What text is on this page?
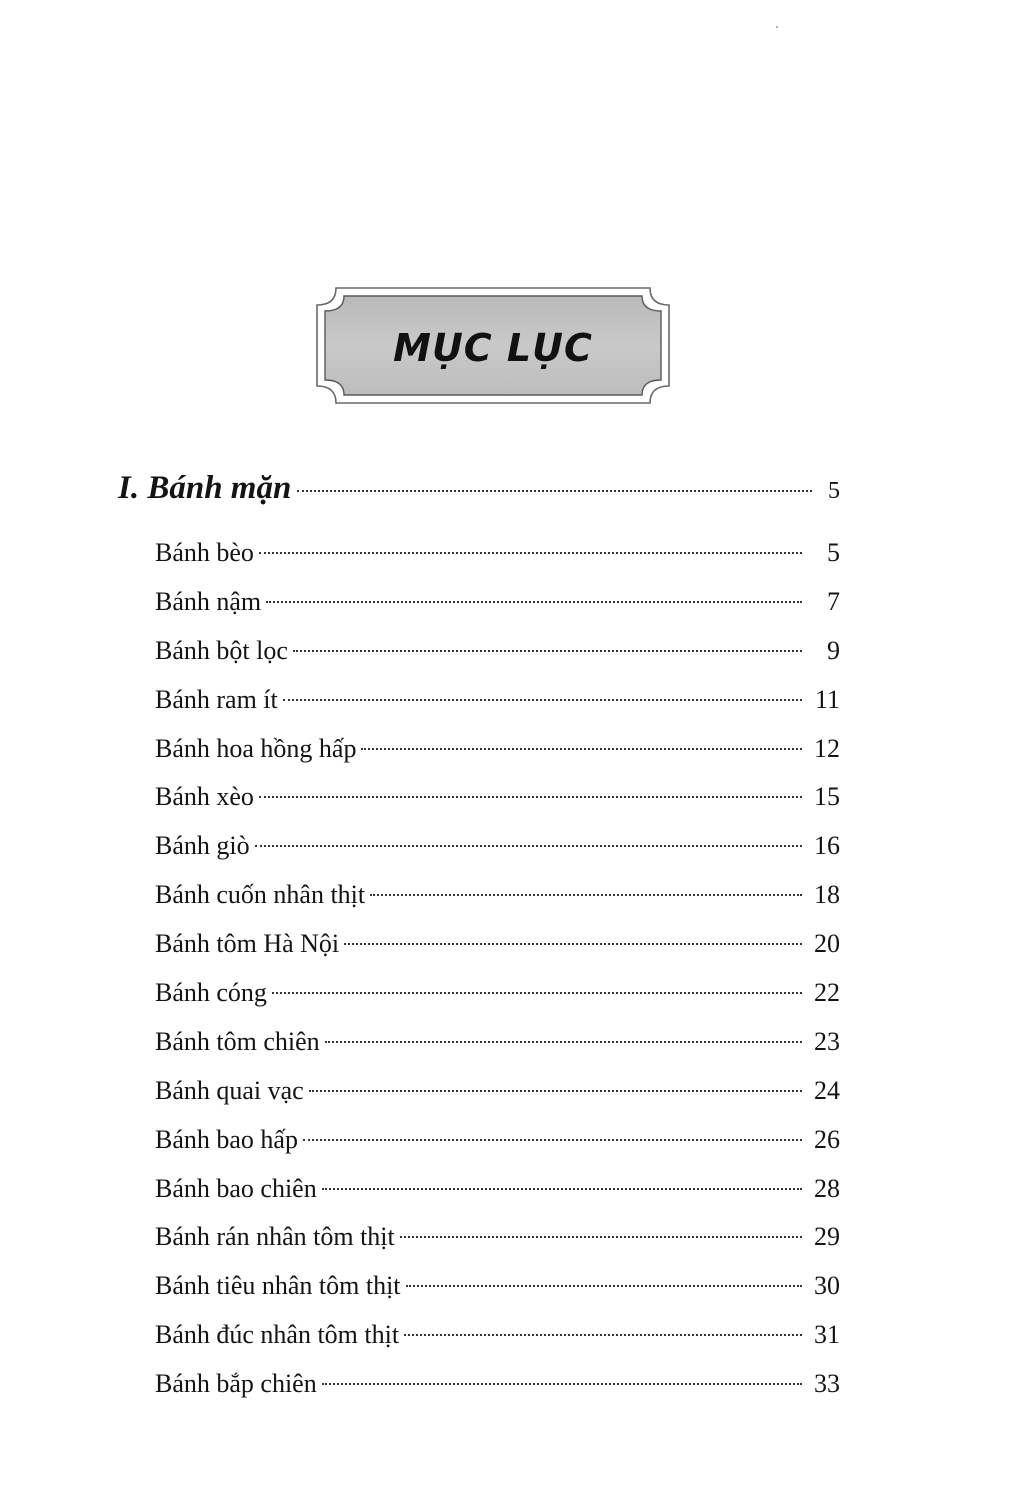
MỤC LỤC
I. Bánh mặn	5
Bánh bèo	5
Bánh nậm	7
Bánh bột lọc	9
Bánh ram ít	11
Bánh hoa hồng hấp	12
Bánh xèo	15
Bánh giò	16
Bánh cuốn nhân thịt	18
Bánh tôm Hà Nội	20
Bánh cóng	22
Bánh tôm chiên	23
Bánh quai vạc	24
Bánh bao hấp	26
Bánh bao chiên	28
Bánh rán nhân tôm thịt	29
Bánh tiêu nhân tôm thịt	30
Bánh đúc nhân tôm thịt	31
Bánh bắp chiên	33
